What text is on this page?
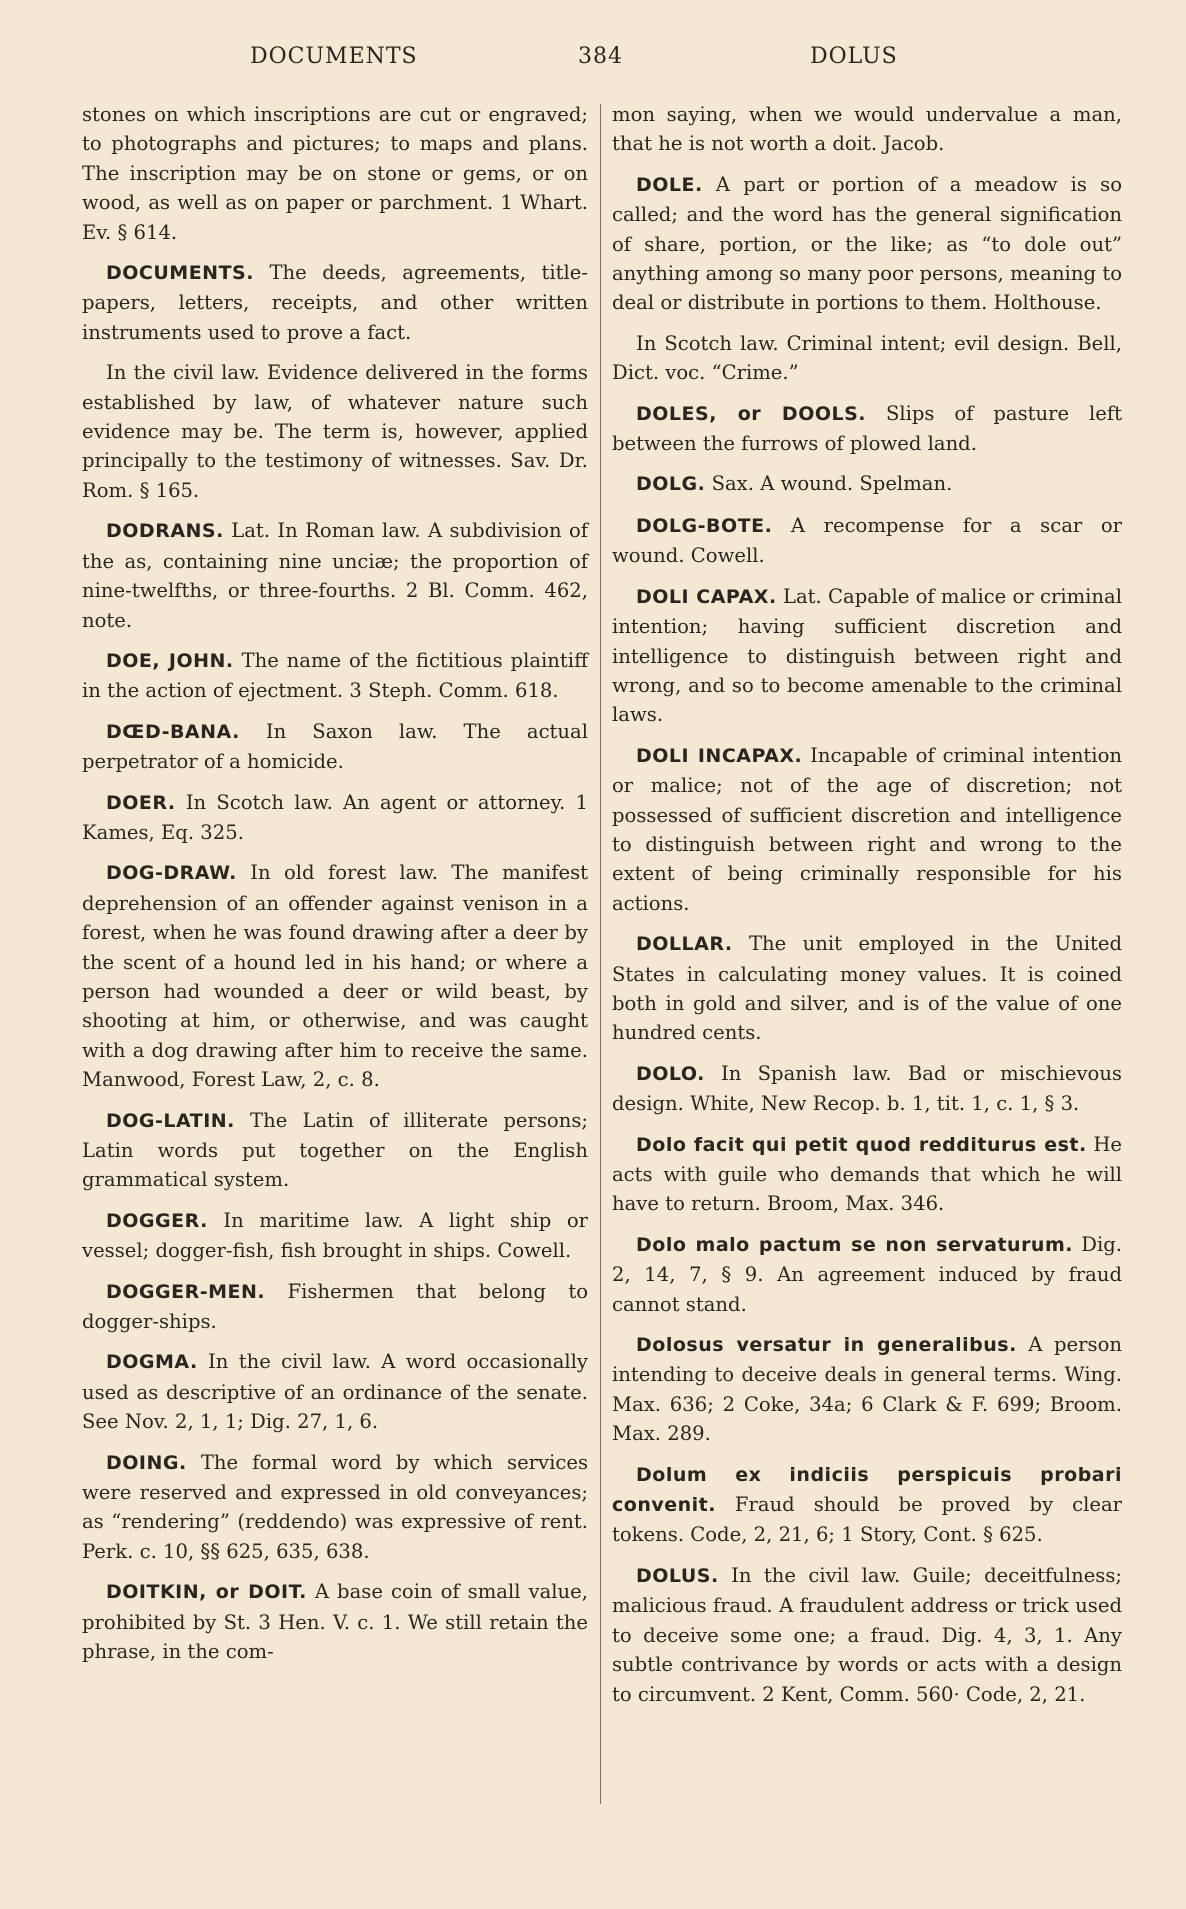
DOCUMENTS	384	DOLUS

stones on which inscriptions are cut or engraved; to photographs and pictures; to maps and plans. The inscription may be on stone or gems, or on wood, as well as on paper or parchment. 1 Whart. Ev. § 614.

DOCUMENTS. The deeds, agreements, title-papers, letters, receipts, and other written instruments used to prove a fact.

In the civil law. Evidence delivered in the forms established by law, of whatever nature such evidence may be. The term is, however, applied principally to the testimony of witnesses. Sav. Dr. Rom. § 165.

DODRANS. Lat. In Roman law. A subdivision of the as, containing nine unciæ; the proportion of nine-twelfths, or three-fourths. 2 Bl. Comm. 462, note.

DOE, JOHN. The name of the fictitious plaintiff in the action of ejectment. 3 Steph. Comm. 618.

DŒD-BANA. In Saxon law. The actual perpetrator of a homicide.

DOER. In Scotch law. An agent or attorney. 1 Kames, Eq. 325.

DOG-DRAW. In old forest law. The manifest deprehension of an offender against venison in a forest, when he was found drawing after a deer by the scent of a hound led in his hand; or where a person had wounded a deer or wild beast, by shooting at him, or otherwise, and was caught with a dog drawing after him to receive the same. Manwood, Forest Law, 2, c. 8.

DOG-LATIN. The Latin of illiterate persons; Latin words put together on the English grammatical system.

DOGGER. In maritime law. A light ship or vessel; dogger-fish, fish brought in ships. Cowell.

DOGGER-MEN. Fishermen that belong to dogger-ships.

DOGMA. In the civil law. A word occasionally used as descriptive of an ordinance of the senate. See Nov. 2, 1, 1; Dig. 27, 1, 6.

DOING. The formal word by which services were reserved and expressed in old conveyances; as “rendering” (reddendo) was expressive of rent. Perk. c. 10, §§ 625, 635, 638.

DOITKIN, or DOIT. A base coin of small value, prohibited by St. 3 Hen. V. c. 1. We still retain the phrase, in the com-

mon saying, when we would undervalue a man, that he is not worth a doit. Jacob.

DOLE. A part or portion of a meadow is so called; and the word has the general signification of share, portion, or the like; as “to dole out” anything among so many poor persons, meaning to deal or distribute in portions to them. Holthouse.

In Scotch law. Criminal intent; evil design. Bell, Dict. voc. “Crime.”

DOLES, or DOOLS. Slips of pasture left between the furrows of plowed land.

DOLG. Sax. A wound. Spelman.

DOLG-BOTE. A recompense for a scar or wound. Cowell.

DOLI CAPAX. Lat. Capable of malice or criminal intention; having sufficient discretion and intelligence to distinguish between right and wrong, and so to become amenable to the criminal laws.

DOLI INCAPAX. Incapable of criminal intention or malice; not of the age of discretion; not possessed of sufficient discretion and intelligence to distinguish between right and wrong to the extent of being criminally responsible for his actions.

DOLLAR. The unit employed in the United States in calculating money values. It is coined both in gold and silver, and is of the value of one hundred cents.

DOLO. In Spanish law. Bad or mischievous design. White, New Recop. b. 1, tit. 1, c. 1, § 3.

Dolo facit qui petit quod redditurus est. He acts with guile who demands that which he will have to return. Broom, Max. 346.

Dolo malo pactum se non servaturum. Dig. 2, 14, 7, § 9. An agreement induced by fraud cannot stand.

Dolosus versatur in generalibus. A person intending to deceive deals in general terms. Wing. Max. 636; 2 Coke, 34a; 6 Clark & F. 699; Broom. Max. 289.

Dolum ex indiciis perspicuis probari convenit. Fraud should be proved by clear tokens. Code, 2, 21, 6; 1 Story, Cont. § 625.

DOLUS. In the civil law. Guile; deceitfulness; malicious fraud. A fraudulent address or trick used to deceive some one; a fraud. Dig. 4, 3, 1. Any subtle contrivance by words or acts with a design to circumvent. 2 Kent, Comm. 560· Code, 2, 21.
